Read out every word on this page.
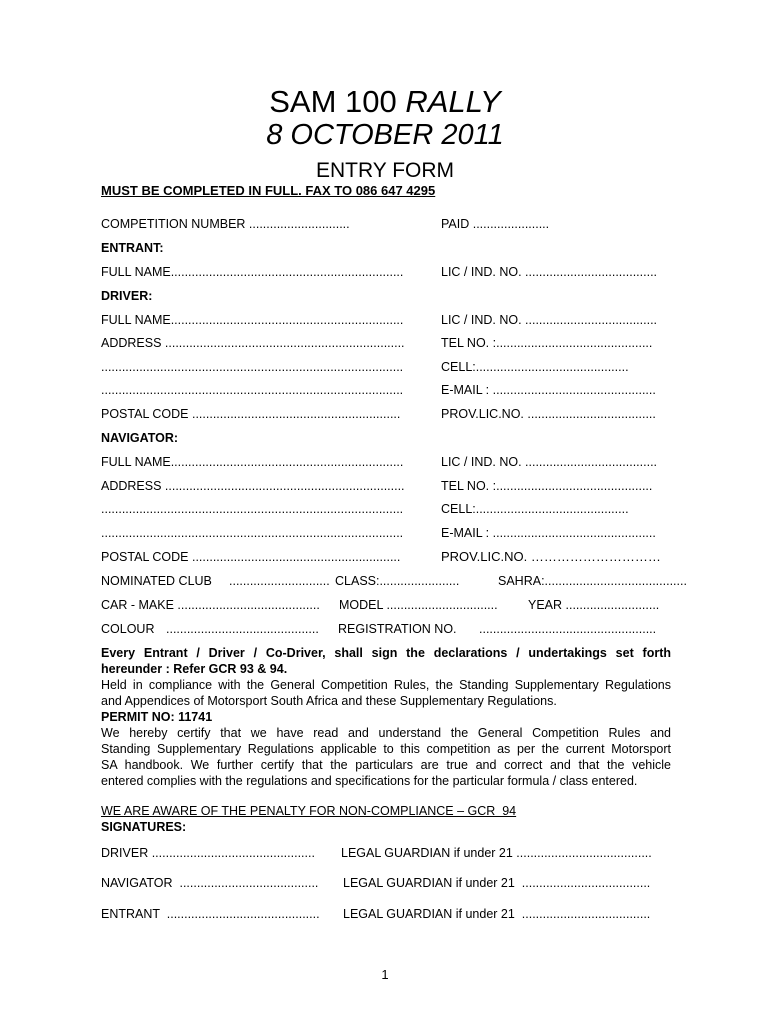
SAM 100 RALLY
8 OCTOBER 2011
ENTRY FORM
MUST BE COMPLETED IN FULL. FAX TO 086 647 4295
COMPETITION NUMBER .............................	PAID ......................
ENTRANT:
FULL NAME...................................................................	LIC / IND. NO. ......................................
DRIVER:
FULL NAME...................................................................	LIC / IND. NO. ......................................
ADDRESS .....................................................................	TEL NO. :.............................................
.......................................................................................	CELL:............................................
.......................................................................................	E-MAIL : ...............................................
POSTAL CODE ............................................................	PROV.LIC.NO. .....................................
NAVIGATOR:
FULL NAME...................................................................	LIC / IND. NO. ......................................
ADDRESS .....................................................................	TEL NO. :.............................................
.......................................................................................	CELL:............................................
.......................................................................................	E-MAIL : ...............................................
POSTAL CODE ............................................................	PROV.LIC.NO. …………………………
NOMINATED CLUB ............................. CLASS:.......................	SAHRA:.........................................
CAR - MAKE ......................................... MODEL ................................ YEAR ...........................
COLOUR ............................................ REGISTRATION NO. ...................................................
Every Entrant / Driver / Co-Driver, shall sign the declarations / undertakings set forth
hereunder : Refer GCR 93 & 94.
Held in compliance with the General Competition Rules, the Standing Supplementary Regulations
and Appendices of Motorsport South Africa and these Supplementary Regulations.
PERMIT NO: 11741
We hereby certify that we have read and understand the General Competition Rules and
Standing Supplementary Regulations applicable to this competition as per the current Motorsport
SA handbook. We further certify that the particulars are true and correct and that the vehicle
entered complies with the regulations and specifications for the particular formula / class entered.
WE ARE AWARE OF THE PENALTY FOR NON-COMPLIANCE – GCR  94
SIGNATURES:
DRIVER ............................................... LEGAL GUARDIAN if under 21 .......................................
NAVIGATOR  ........................................ LEGAL GUARDIAN if under 21  .....................................
ENTRANT  ............................................ LEGAL GUARDIAN if under 21  .....................................
1
